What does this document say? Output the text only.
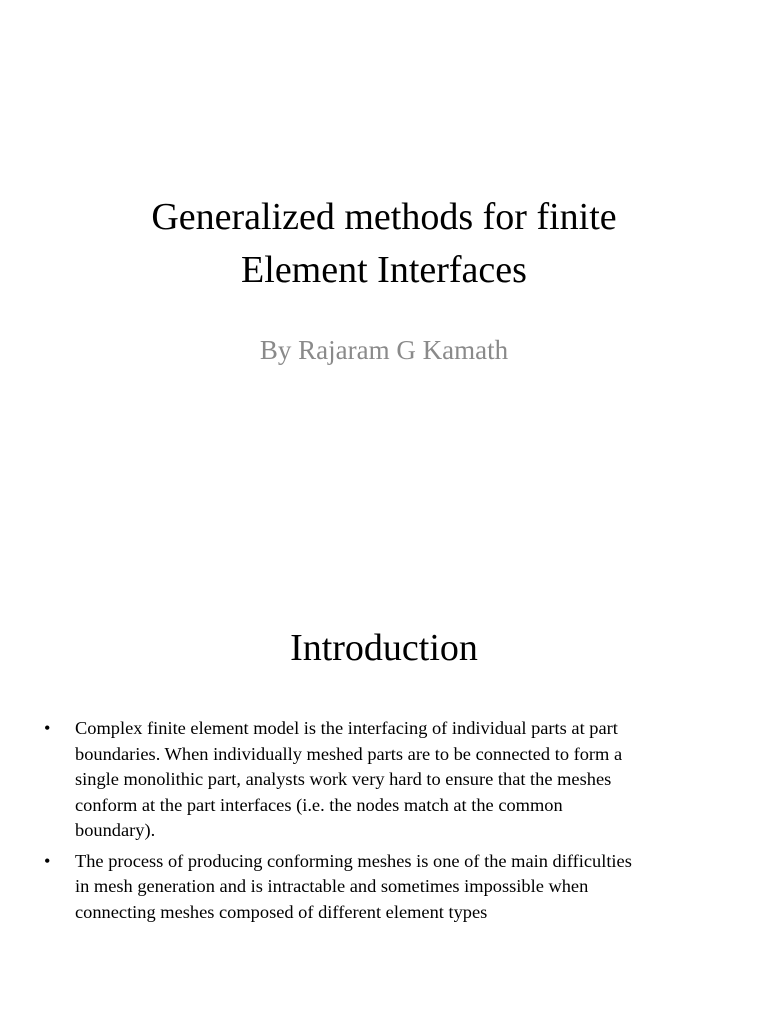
Generalized methods for finite
Element Interfaces
By Rajaram G Kamath
Introduction
• Complex finite element model is the interfacing of individual parts at part
boundaries. When individually meshed parts are to be connected to form a
single monolithic part, analysts work very hard to ensure that the meshes
conform at the part interfaces (i.e. the nodes match at the common
boundary).
• The process of producing conforming meshes is one of the main difficulties
in mesh generation and is intractable and sometimes impossible when
connecting meshes composed of different element types
